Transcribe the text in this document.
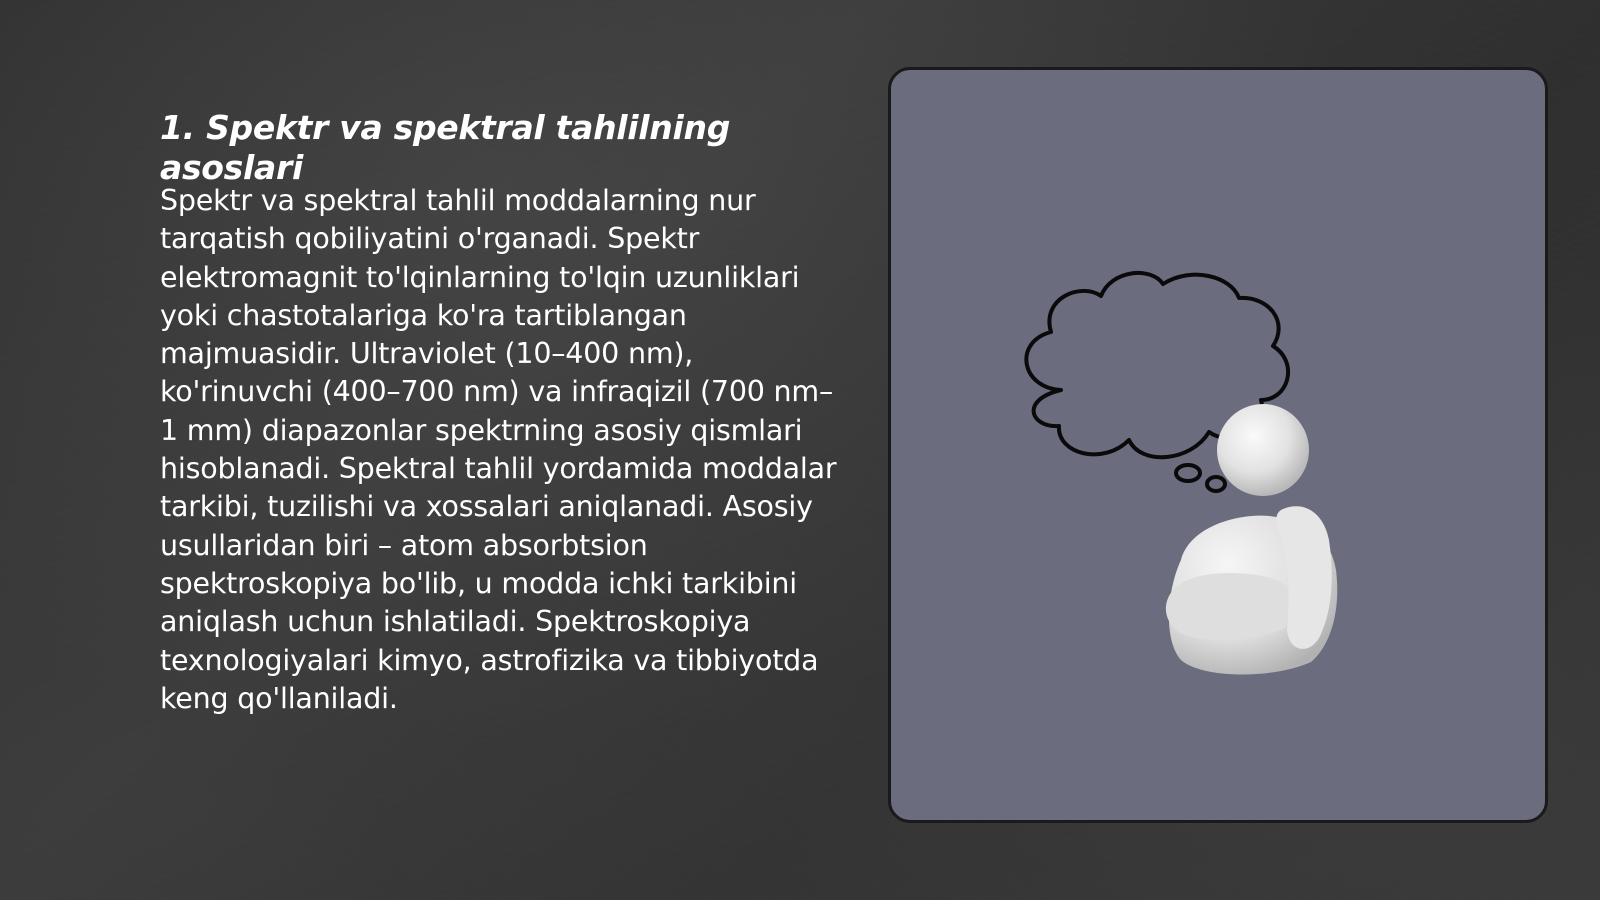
1. Spektr va spektral tahlilning asoslari

Spektr va spektral tahlil moddalarning nur tarqatish qobiliyatini o'rganadi. Spektr elektromagnit to'lqinlarning to'lqin uzunliklari yoki chastotalariga ko'ra tartiblangan majmuasidir. Ultraviolet (10–400 nm), ko'rinuvchi (400–700 nm) va infraqizil (700 nm–1 mm) diapazonlar spektrning asosiy qismlari hisoblanadi. Spektral tahlil yordamida moddalar tarkibi, tuzilishi va xossalari aniqlanadi. Asosiy usullaridan biri – atom absorbtsion spektroskopiya bo'lib, u modda ichki tarkibini aniqlash uchun ishlatiladi. Spektroskopiya texnologiyalari kimyo, astrofizika va tibbiyotda keng qo'llaniladi.
